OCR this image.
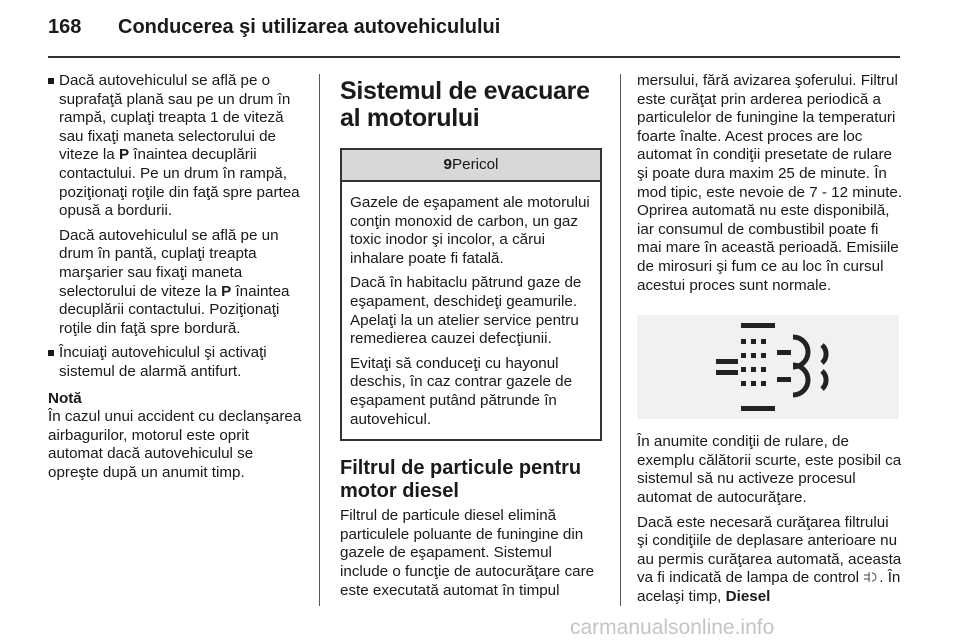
168 Conducerea şi utilizarea autovehiculului
Dacă autovehiculul se află pe o suprafaţă plană sau pe un drum în rampă, cuplaţi treapta 1 de viteză sau fixaţi maneta selectorului de viteze la P înaintea decuplării contactului. Pe un drum în rampă, poziţionaţi roţile din faţă spre partea opusă a bordurii.
Dacă autovehiculul se află pe un drum în pantă, cuplaţi treapta marşarier sau fixaţi maneta selectorului de viteze la P înaintea decuplării contactului. Poziţionaţi roţile din faţă spre bordură.
Încuiaţi autovehiculul şi activaţi sistemul de alarmă antifurt.
Notă
În cazul unui accident cu declanşarea airbagurilor, motorul este oprit automat dacă autovehiculul se opreşte după un anumit timp.
Sistemul de evacuare al motorului
9Pericol

Gazele de eşapament ale motorului conţin monoxid de carbon, un gaz toxic inodor şi incolor, a cărui inhalare poate fi fatală.

Dacă în habitaclu pătrund gaze de eşapament, deschideţi geamurile. Apelaţi la un atelier service pentru remedierea cauzei defecţiunii.

Evitaţi să conduceţi cu hayonul deschis, în caz contrar gazele de eşapament putând pătrunde în autovehicul.

Filtrul de particule pentru motor diesel
Filtrul de particule diesel elimină particulele poluante de funingine din gazele de eşapament. Sistemul include o funcţie de autocurăţare care este executată automat în timpul

mersului, fără avizarea şoferului. Filtrul este curăţat prin arderea periodică a particulelor de funingine la temperaturi foarte înalte. Acest proces are loc automat în condiţii presetate de rulare şi poate dura maxim 25 de minute. În mod tipic, este nevoie de 7 - 12 minute. Oprirea automată nu este disponibilă, iar consumul de combustibil poate fi mai mare în această perioadă. Emisiile de mirosuri şi fum ce au loc în cursul acestui proces sunt normale.

În anumite condiţii de rulare, de exemplu călătorii scurte, este posibil ca sistemul să nu activeze procesul automat de autocurăţare.

Dacă este necesară curăţarea filtrului şi condiţiile de deplasare anterioare nu au permis curăţarea automată, aceasta va fi indicată de lampa de control . În acelaşi timp, Diesel

carmanualsonline.info
